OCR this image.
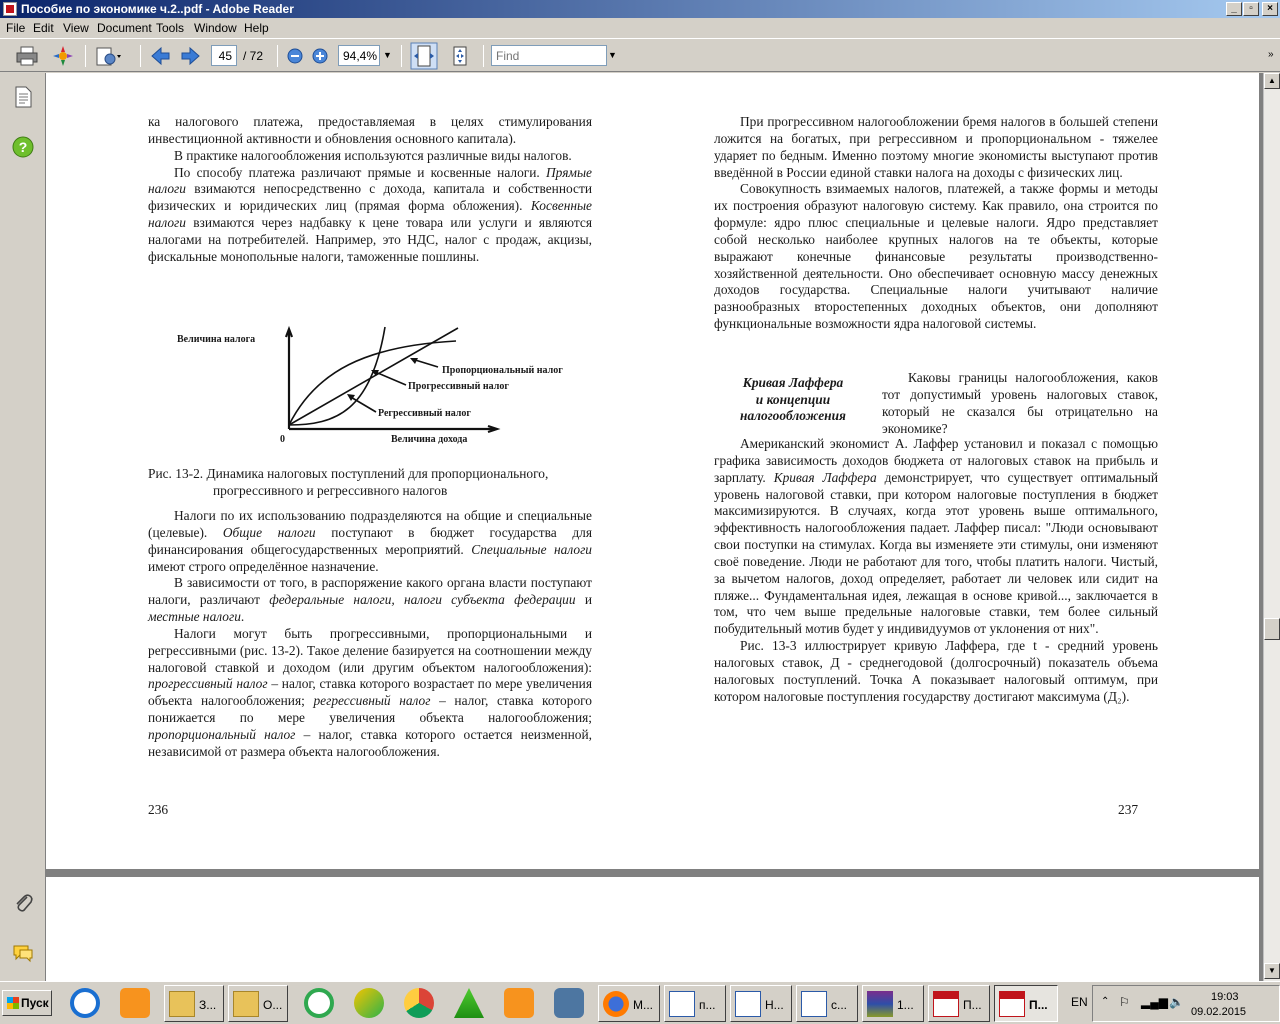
Пособие по экономике ч.2..pdf - Adobe Reader	_	▫	×
File Edit View Document Tools Window Help
45 / 72	94,4% ▼
Find	▼	»
?

ка налогового платежа, предоставляемая в целях стимулирования инвестиционной активности и обновления основного капитала).

В практике налогообложения используются различные виды налогов.

По способу платежа различают прямые и косвенные налоги. Прямые налоги взимаются непосредственно с дохода, капитала и собственности физических и юридических лиц (прямая форма обложения). Косвенные налоги взимаются через надбавку к цене товара или услуги и являются налогами на потребителей. Например, это НДС, налог с продаж, акцизы, фискальные монопольные налоги, таможенные пошлины.

Величина налога
0	Величина дохода
Пропорциональный налог
Прогрессивный налог
Регрессивный налог
Рис. 13-2. Динамика налоговых поступлений для пропорционального,
прогрессивного и регрессивного налогов

Налоги по их использованию подразделяются на общие и специальные (целевые). Общие налоги поступают в бюджет государства для финансирования общегосударственных мероприятий. Специальные налоги имеют строго определённое назначение.

В зависимости от того, в распоряжение какого органа власти поступают налоги, различают федеральные налоги, налоги субъекта федерации и местные налоги.

Налоги могут быть прогрессивными, пропорциональными и регрессивными (рис. 13-2). Такое деление базируется на соотношении между налоговой ставкой и доходом (или другим объектом налогообложения): прогрессивный налог – налог, ставка которого возрастает по мере увеличения объекта налогообложения; регрессивный налог – налог, ставка которого понижается по мере увеличения объекта налогообложения; пропорциональный налог – налог, ставка которого остается неизменной, независимой от размера объекта налогообложения.

236

При прогрессивном налогообложении бремя налогов в большей степени ложится на богатых, при регрессивном и пропорциональном - тяжелее ударяет по бедным. Именно поэтому многие экономисты выступают против введённой в России единой ставки налога на доходы с физических лиц.

Совокупность взимаемых налогов, платежей, а также формы и методы их построения образуют налоговую систему. Как правило, она строится по формуле: ядро плюс специальные и целевые налоги. Ядро представляет собой несколько наиболее крупных налогов на те объекты, которые выражают конечные финансовые результаты производственно-хозяйственной деятельности. Оно обеспечивает основную массу денежных доходов государства. Специальные налоги учитывают наличие разнообразных второстепенных доходных объектов, они дополняют функциональные возможности ядра налоговой системы.

Кривая Лаффера
и концепции
налогообложения

Каковы границы налогообложения, каков тот допустимый уровень налоговых ставок, который не сказался бы отрицательно на экономике?

Американский экономист А. Лаффер установил и показал с помощью графика зависимость доходов бюджета от налоговых ставок на прибыль и зарплату. Кривая Лаффера демонстрирует, что существует оптимальный уровень налоговой ставки, при котором налоговые поступления в бюджет максимизируются. В случаях, когда этот уровень выше оптимального, эффективность налогообложения падает. Лаффер писал: "Люди основывают свои поступки на стимулах. Когда вы изменяете эти стимулы, они изменяют своё поведение. Люди не работают для того, чтобы платить налоги. Чистый, за вычетом налогов, доход определяет, работает ли человек или сидит на пляже... Фундаментальная идея, лежащая в основе кривой..., заключается в том, что чем выше предельные налоговые ставки, тем более сильный побудительный мотив будет у индивидуумов от уклонения от них".

Рис. 13-3 иллюстрирует кривую Лаффера, где t - средний уровень налоговых ставок, Д - среднегодовой (долгосрочный) показатель объема налоговых поступлений. Точка А показывает налоговый оптимум, при котором налоговые поступления государству достигают максимума (Д₂).

237
▲
▼
Пуск	З...	О...	М...	п...	Н...	с...	1...	П...	П...	EN ⌃ ⚐ ▂▄▆ 🔈 19:03
09.02.2015
